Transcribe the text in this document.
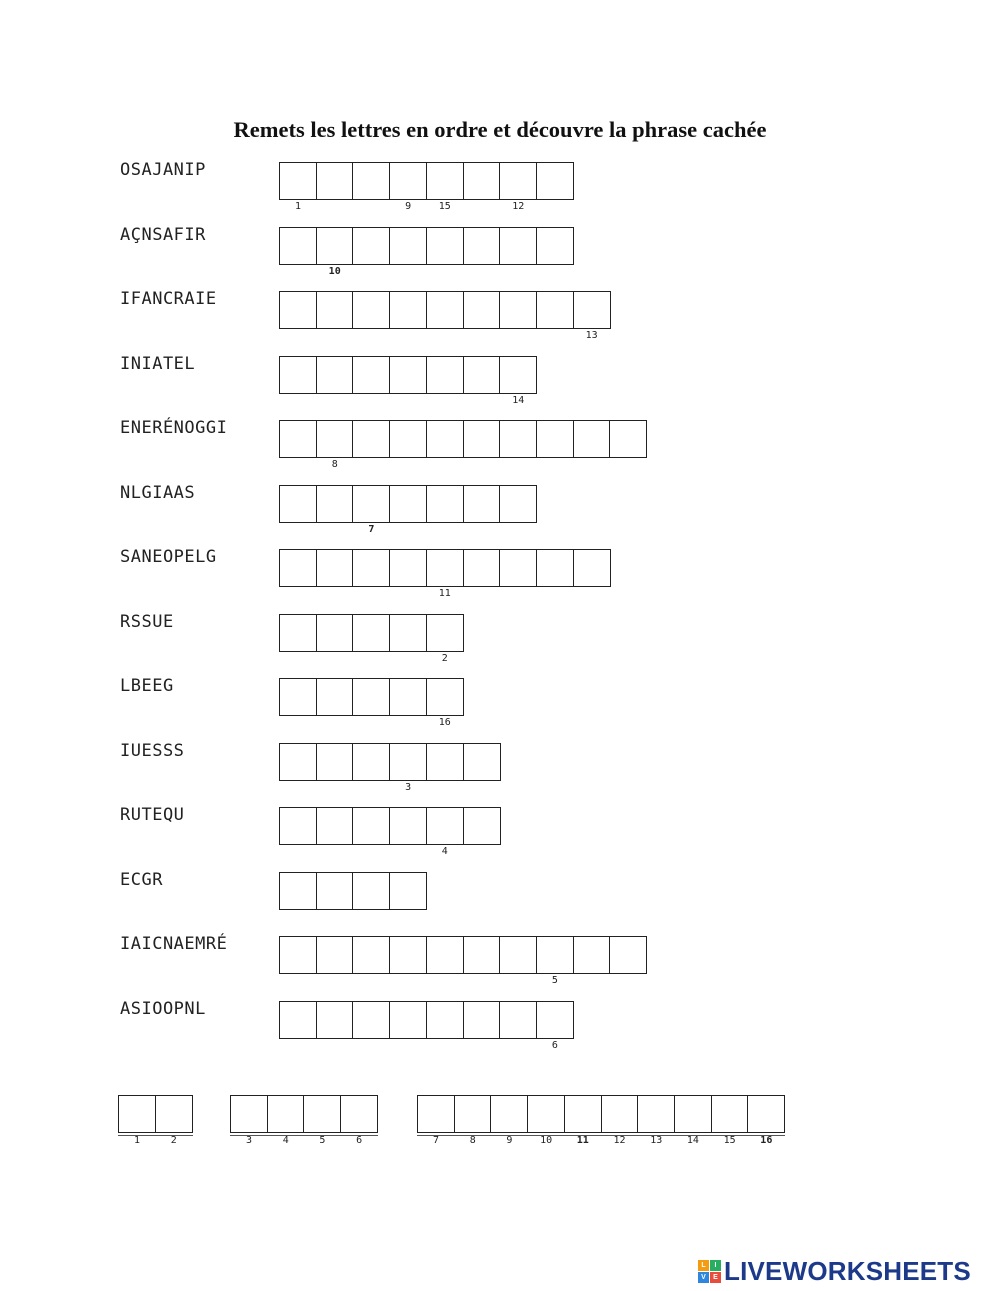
Remets les lettres en ordre et découvre la phrase cachée
OSAJANIP
1	9	15	12
AÇNSAFIR
10
IFANCRAIE
13
INIATEL
14
ENERÉNOGGI
8
NLGIAAS
7
SANEOPELG
11
RSSUE
2
LBEEG
16
IUESSS
3
RUTEQU
4
ECGR
IAICNAEMRÉ
5
ASIOOPNL
6
1	2	3	4	5	6	7	8	9	10	11	12	13	14	15	16
L	I
V	E LIVEWORKSHEETS
